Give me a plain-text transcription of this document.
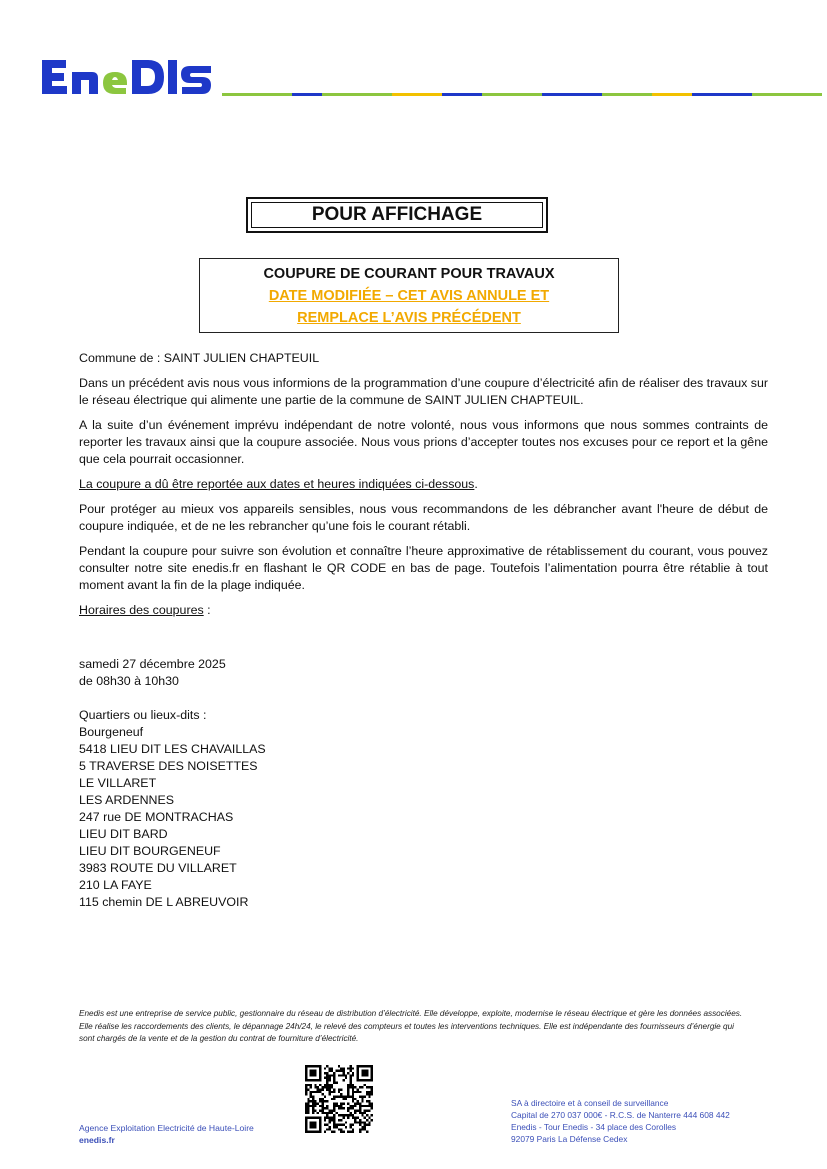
POUR AFFICHAGE
COUPURE DE COURANT POUR TRAVAUX
DATE MODIFIÉE – CET AVIS ANNULE ET
REMPLACE L’AVIS PRÉCÉDENT

Commune de : SAINT JULIEN CHAPTEUIL

Dans un précédent avis nous vous informions de la programmation d’une coupure d’électricité afin de réaliser des travaux sur le réseau électrique qui alimente une partie de la commune de SAINT JULIEN CHAPTEUIL.

A la suite d’un événement imprévu indépendant de notre volonté, nous vous informons que nous sommes contraints de reporter les travaux ainsi que la coupure associée. Nous vous prions d’accepter toutes nos excuses pour ce report et la gêne que cela pourrait occasionner.

La coupure a dû être reportée aux dates et heures indiquées ci-dessous.

Pour protéger au mieux vos appareils sensibles, nous vous recommandons de les débrancher avant l'heure de début de coupure indiquée, et de ne les rebrancher qu’une fois le courant rétabli.

Pendant la coupure pour suivre son évolution et connaître l’heure approximative de rétablissement du courant, vous pouvez consulter notre site enedis.fr en flashant le QR CODE en bas de page. Toutefois l’alimentation pourra être rétablie à tout moment avant la fin de la plage indiquée.

Horaires des coupures :

samedi 27 décembre 2025
de 08h30 à 10h30
Quartiers ou lieux-dits :
Bourgeneuf
5418 LIEU DIT LES CHAVAILLAS
5 TRAVERSE DES NOISETTES
LE VILLARET
LES ARDENNES
247 rue DE MONTRACHAS
LIEU DIT BARD
LIEU DIT BOURGENEUF
3983 ROUTE DU VILLARET
210 LA FAYE
115 chemin DE L ABREUVOIR
Enedis est une entreprise de service public, gestionnaire du réseau de distribution d’électricité. Elle développe, exploite, modernise le réseau électrique et gère les données associées. Elle réalise les raccordements des clients, le dépannage 24h/24, le relevé des compteurs et toutes les interventions techniques. Elle est indépendante des fournisseurs d’énergie qui sont chargés de la vente et de la gestion du contrat de fourniture d’électricité.
Agence Exploitation Electricité de Haute-Loire
enedis.fr
SA à directoire et à conseil de surveillance
Capital de 270 037 000€ - R.C.S. de Nanterre 444 608 442
Enedis - Tour Enedis - 34 place des Corolles
92079 Paris La Défense Cedex
